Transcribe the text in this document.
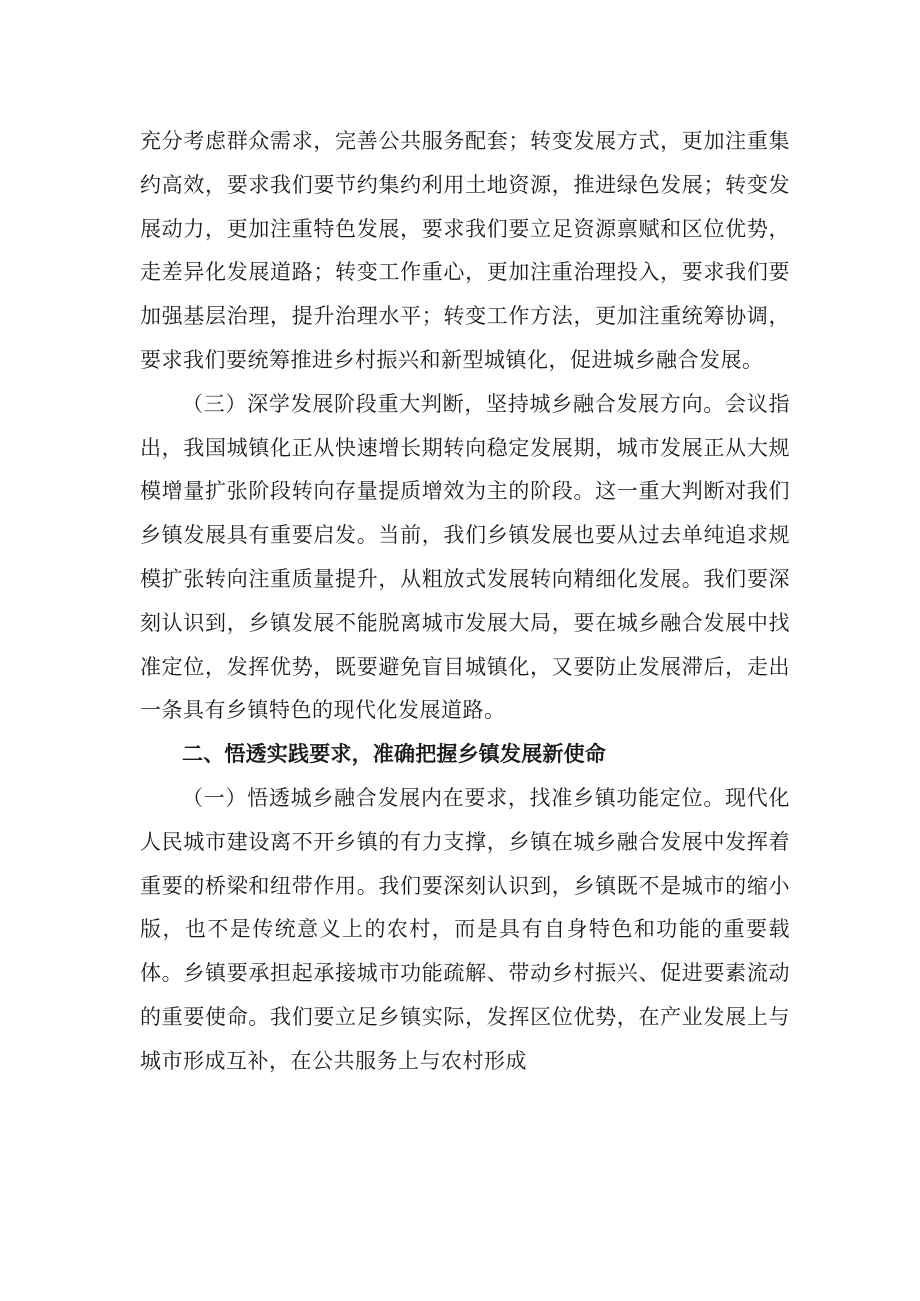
充分考虑群众需求，完善公共服务配套；转变发展方式，更加注重集约高效，要求我们要节约集约利用土地资源，推进绿色发展；转变发展动力，更加注重特色发展，要求我们要立足资源禀赋和区位优势，走差异化发展道路；转变工作重心，更加注重治理投入，要求我们要加强基层治理，提升治理水平；转变工作方法，更加注重统筹协调，要求我们要统筹推进乡村振兴和新型城镇化，促进城乡融合发展。

（三）深学发展阶段重大判断，坚持城乡融合发展方向。会议指出，我国城镇化正从快速增长期转向稳定发展期，城市发展正从大规模增量扩张阶段转向存量提质增效为主的阶段。这一重大判断对我们乡镇发展具有重要启发。当前，我们乡镇发展也要从过去单纯追求规模扩张转向注重质量提升，从粗放式发展转向精细化发展。我们要深刻认识到，乡镇发展不能脱离城市发展大局，要在城乡融合发展中找准定位，发挥优势，既要避免盲目城镇化，又要防止发展滞后，走出一条具有乡镇特色的现代化发展道路。

二、悟透实践要求，准确把握乡镇发展新使命

（一）悟透城乡融合发展内在要求，找准乡镇功能定位。现代化人民城市建设离不开乡镇的有力支撑，乡镇在城乡融合发展中发挥着重要的桥梁和纽带作用。我们要深刻认识到，乡镇既不是城市的缩小版，也不是传统意义上的农村，而是具有自身特色和功能的重要载体。乡镇要承担起承接城市功能疏解、带动乡村振兴、促进要素流动的重要使命。我们要立足乡镇实际，发挥区位优势，在产业发展上与城市形成互补，在公共服务上与农村形成
